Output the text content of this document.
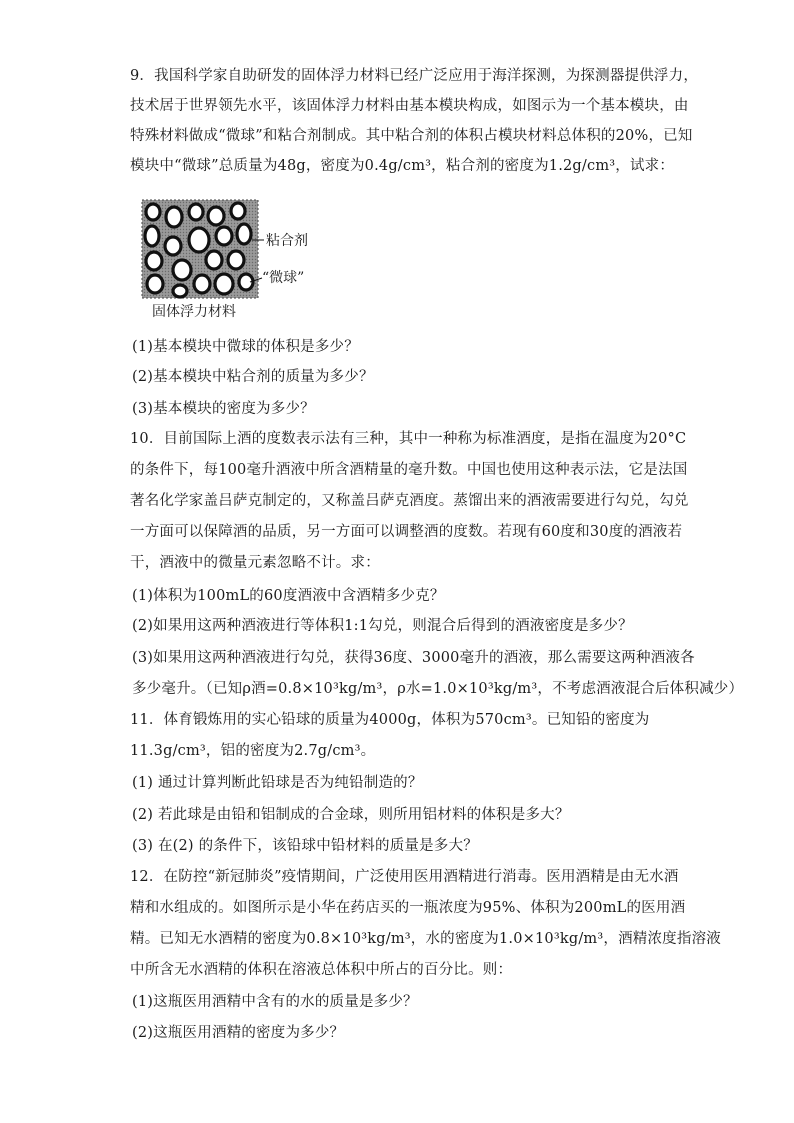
9．我国科学家自助研发的固体浮力材料已经广泛应用于海洋探测，为探测器提供浮力，
技术居于世界领先水平，该固体浮力材料由基本模块构成，如图示为一个基本模块，由
特殊材料做成“微球”和粘合剂制成。其中粘合剂的体积占模块材料总体积的20%，已知
模块中“微球”总质量为48g，密度为0.4g/cm³，粘合剂的密度为1.2g/cm³，试求：
粘合剂
“微球”
固体浮力材料
(1)基本模块中微球的体积是多少？
(2)基本模块中粘合剂的质量为多少？
(3)基本模块的密度为多少？
10．目前国际上酒的度数表示法有三种，其中一种称为标准酒度，是指在温度为20°C
的条件下，每100毫升酒液中所含酒精量的毫升数。中国也使用这种表示法，它是法国
著名化学家盖吕萨克制定的，又称盖吕萨克酒度。蒸馏出来的酒液需要进行勾兑，勾兑
一方面可以保障酒的品质，另一方面可以调整酒的度数。若现有60度和30度的酒液若
干，酒液中的微量元素忽略不计。求：
(1)体积为100mL的60度酒液中含酒精多少克？
(2)如果用这两种酒液进行等体积1:1勾兑，则混合后得到的酒液密度是多少？
(3)如果用这两种酒液进行勾兑，获得36度、3000毫升的酒液，那么需要这两种酒液各
多少毫升。（已知ρ酒=0.8×10³kg/m³，ρ水=1.0×10³kg/m³，不考虑酒液混合后体积减少）
11．体育锻炼用的实心铅球的质量为4000g，体积为570cm³。已知铅的密度为
11.3g/cm³，铝的密度为2.7g/cm³。
(1) 通过计算判断此铅球是否为纯铅制造的？
(2) 若此球是由铅和铝制成的合金球，则所用铝材料的体积是多大？
(3) 在(2) 的条件下，该铅球中铅材料的质量是多大？
12．在防控“新冠肺炎”疫情期间，广泛使用医用酒精进行消毒。医用酒精是由无水酒
精和水组成的。如图所示是小华在药店买的一瓶浓度为95%、体积为200mL的医用酒
精。已知无水酒精的密度为0.8×10³kg/m³，水的密度为1.0×10³kg/m³，酒精浓度指溶液
中所含无水酒精的体积在溶液总体积中所占的百分比。则：
(1)这瓶医用酒精中含有的水的质量是多少？
(2)这瓶医用酒精的密度为多少？
